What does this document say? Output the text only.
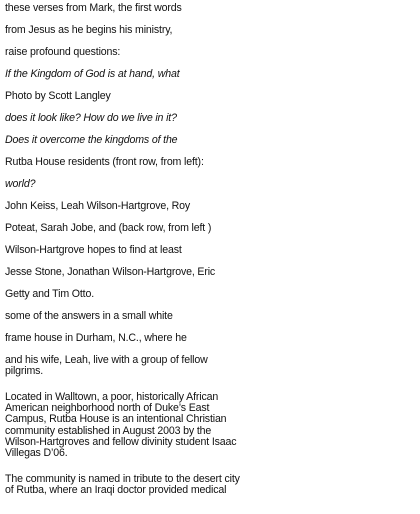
these verses from Mark, the first words

from Jesus as he begins his ministry,

raise profound questions:

If the Kingdom of God is at hand, what

Photo by Scott Langley

does it look like? How do we live in it?

Does it overcome the kingdoms of the

Rutba House residents (front row, from left):

world?

John Keiss, Leah Wilson-Hartgrove, Roy

Poteat, Sarah Jobe, and (back row, from left )

Wilson-Hartgrove hopes to find at least

Jesse Stone, Jonathan Wilson-Hartgrove, Eric

Getty and Tim Otto.

some of the answers in a small white

frame house in Durham, N.C., where he

and his wife, Leah, live with a group of fellow
pilgrims.

Located in Walltown, a poor, historically African
American neighborhood north of Duke’s East
Campus, Rutba House is an intentional Christian
community established in August 2003 by the
Wilson-Hartgroves and fellow divinity student Isaac
Villegas D’06.

The community is named in tribute to the desert city
of Rutba, where an Iraqi doctor provided medical
